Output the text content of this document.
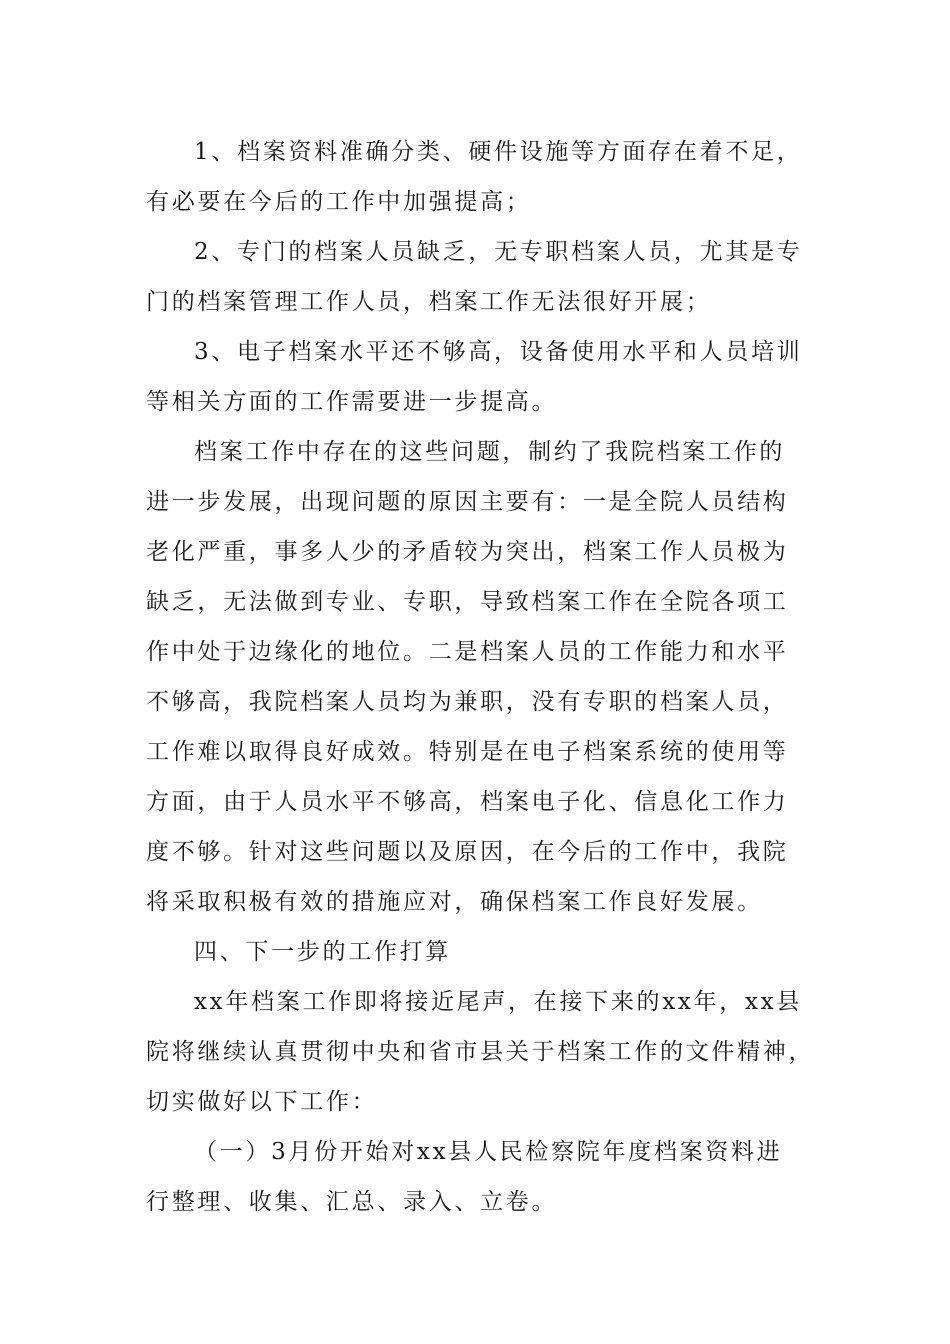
1、档案资料准确分类、硬件设施等方面存在着不足，
有必要在今后的工作中加强提高；
2、专门的档案人员缺乏，无专职档案人员，尤其是专
门的档案管理工作人员，档案工作无法很好开展；
3、电子档案水平还不够高，设备使用水平和人员培训
等相关方面的工作需要进一步提高。
档案工作中存在的这些问题，制约了我院档案工作的
进一步发展，出现问题的原因主要有：一是全院人员结构
老化严重，事多人少的矛盾较为突出，档案工作人员极为
缺乏，无法做到专业、专职，导致档案工作在全院各项工
作中处于边缘化的地位。二是档案人员的工作能力和水平
不够高，我院档案人员均为兼职，没有专职的档案人员，
工作难以取得良好成效。特别是在电子档案系统的使用等
方面，由于人员水平不够高，档案电子化、信息化工作力
度不够。针对这些问题以及原因，在今后的工作中，我院
将采取积极有效的措施应对，确保档案工作良好发展。
四、下一步的工作打算
xx年档案工作即将接近尾声，在接下来的xx年，xx县
院将继续认真贯彻中央和省市县关于档案工作的文件精神，
切实做好以下工作：
（一）3月份开始对xx县人民检察院年度档案资料进
行整理、收集、汇总、录入、立卷。
